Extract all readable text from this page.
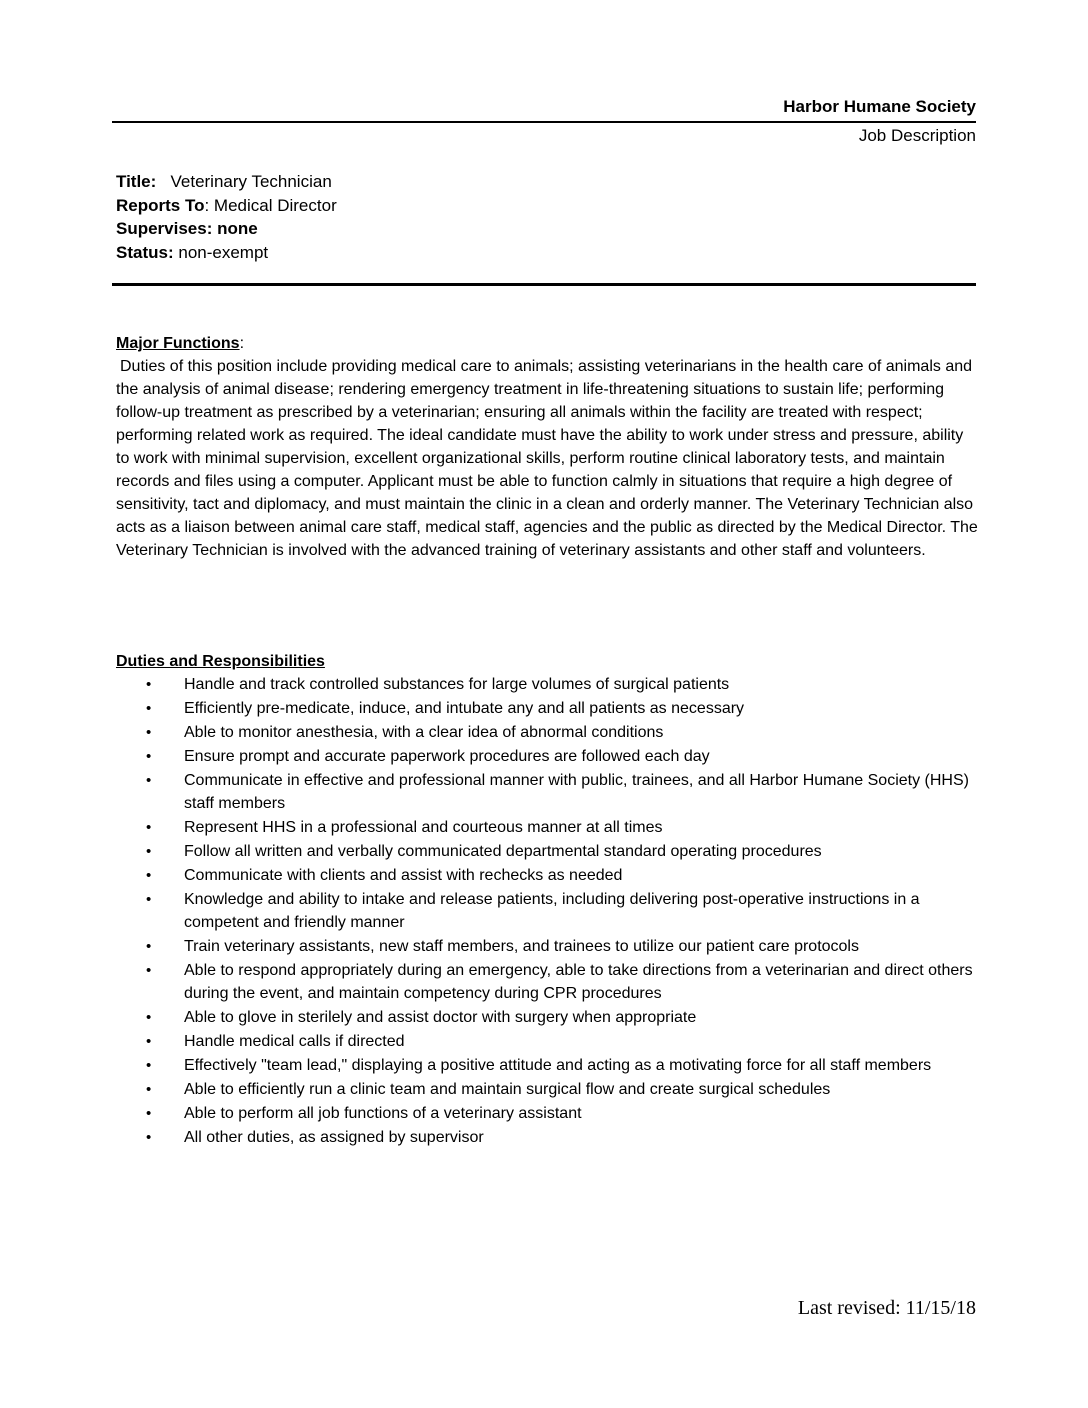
Harbor Humane Society
Job Description
Title: Veterinary Technician
Reports To: Medical Director
Supervises: none
Status: non-exempt
Major Functions:

Duties of this position include providing medical care to animals; assisting veterinarians in the health care of animals and the analysis of animal disease; rendering emergency treatment in life-threatening situations to sustain life; performing follow-up treatment as prescribed by a veterinarian; ensuring all animals within the facility are treated with respect; performing related work as required. The ideal candidate must have the ability to work under stress and pressure, ability to work with minimal supervision, excellent organizational skills, perform routine clinical laboratory tests, and maintain records and files using a computer. Applicant must be able to function calmly in situations that require a high degree of sensitivity, tact and diplomacy, and must maintain the clinic in a clean and orderly manner. The Veterinary Technician also acts as a liaison between animal care staff, medical staff, agencies and the public as directed by the Medical Director. The Veterinary Technician is involved with the advanced training of veterinary assistants and other staff and volunteers.

Duties and Responsibilities
•	Handle and track controlled substances for large volumes of surgical patients
•	Efficiently pre-medicate, induce, and intubate any and all patients as necessary
•	Able to monitor anesthesia, with a clear idea of abnormal conditions
•	Ensure prompt and accurate paperwork procedures are followed each day
•	Communicate in effective and professional manner with public, trainees, and all Harbor Humane Society (HHS) staff members
•	Represent HHS in a professional and courteous manner at all times
•	Follow all written and verbally communicated departmental standard operating procedures
•	Communicate with clients and assist with rechecks as needed
•	Knowledge and ability to intake and release patients, including delivering post-operative instructions in a competent and friendly manner
•	Train veterinary assistants, new staff members, and trainees to utilize our patient care protocols
•	Able to respond appropriately during an emergency, able to take directions from a veterinarian and direct others during the event, and maintain competency during CPR procedures
•	Able to glove in sterilely and assist doctor with surgery when appropriate
•	Handle medical calls if directed
•	Effectively "team lead," displaying a positive attitude and acting as a motivating force for all staff members
•	Able to efficiently run a clinic team and maintain surgical flow and create surgical schedules
•	Able to perform all job functions of a veterinary assistant
•	All other duties, as assigned by supervisor
Last revised: 11/15/18
